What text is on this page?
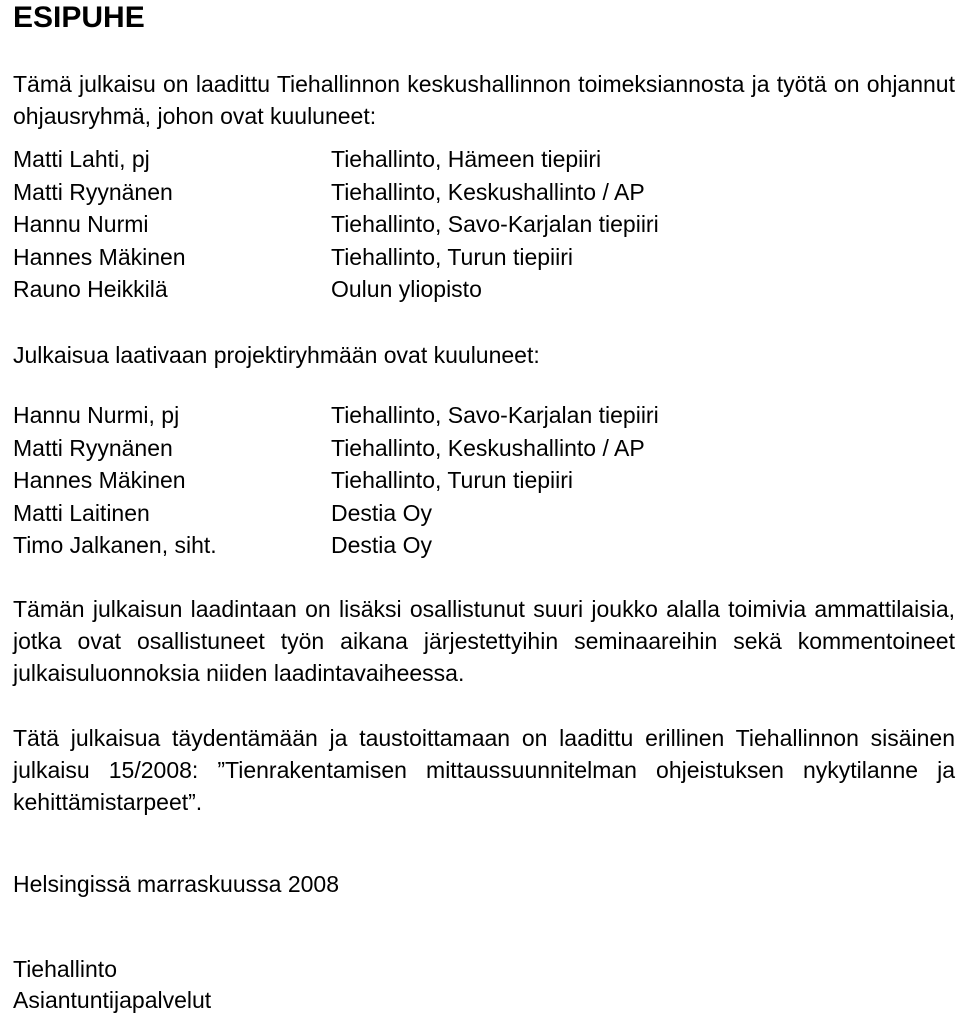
ESIPUHE

Tämä julkaisu on laadittu Tiehallinnon keskushallinnon toimeksiannosta ja työtä on ohjannut ohjausryhmä, johon ovat kuuluneet:

Matti Lahti, pj	Tiehallinto, Hämeen tiepiiri
Matti Ryynänen	Tiehallinto, Keskushallinto / AP
Hannu Nurmi	Tiehallinto, Savo-Karjalan tiepiiri
Hannes Mäkinen	Tiehallinto, Turun tiepiiri
Rauno Heikkilä	Oulun yliopisto

Julkaisua laativaan projektiryhmään ovat kuuluneet:

Hannu Nurmi, pj	Tiehallinto, Savo-Karjalan tiepiiri
Matti Ryynänen	Tiehallinto, Keskushallinto / AP
Hannes Mäkinen	Tiehallinto, Turun tiepiiri
Matti Laitinen	Destia Oy
Timo Jalkanen, siht.	Destia Oy

Tämän julkaisun laadintaan on lisäksi osallistunut suuri joukko alalla toimivia ammattilaisia, jotka ovat osallistuneet työn aikana järjestettyihin seminaareihin sekä kommentoineet julkaisuluonnoksia niiden laadintavaiheessa.

Tätä julkaisua täydentämään ja taustoittamaan on laadittu erillinen Tiehallinnon sisäinen julkaisu 15/2008: ”Tienrakentamisen mittaussuunnitelman ohjeistuksen nykytilanne ja kehittämistarpeet”.

Helsingissä marraskuussa 2008

Tiehallinto

Asiantuntijapalvelut
